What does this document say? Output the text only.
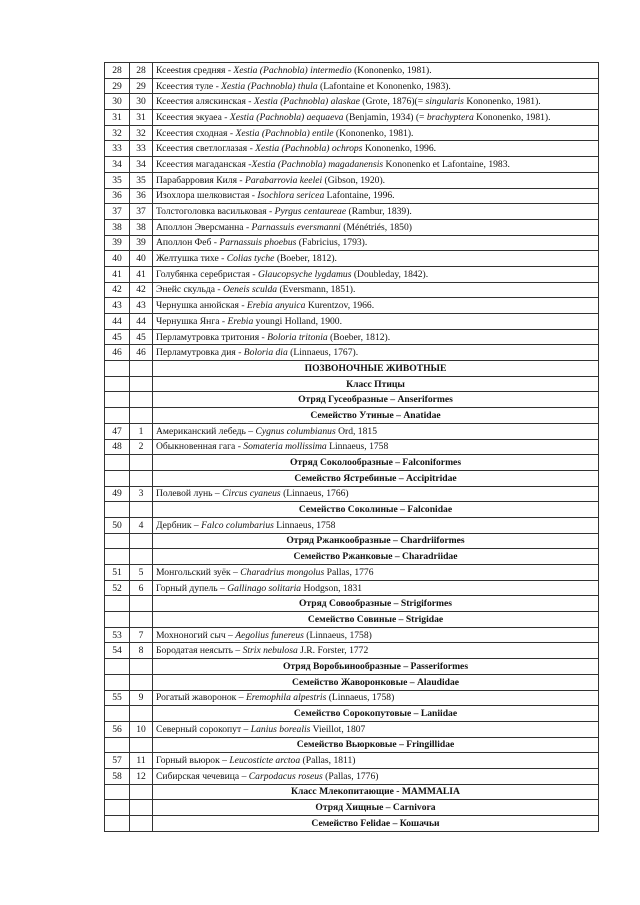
28	28	Ксеestия средняя - Xestia (Pachnobla) intermedio (Kononenko, 1981).
29	29	Ксеестия туле - Xestia (Pachnobla) thula (Lafontaine et Kononenko, 1983).
30	30	Ксеестия аляскинская - Xestia (Pachnobla) alaskae (Grote, 1876)(= singularis Kononenko, 1981).
31	31	Ксеестия экуаеа - Xestia (Pachnobla) aequaeva (Benjamin, 1934) (= brachyptera Kononenko, 1981).
32	32	Ксеестия сходная - Xestia (Pachnobla) entile (Kononenko, 1981).
33	33	Ксеестия светлоглазая - Xestia (Pachnobla) ochrops Kononenko, 1996.
34	34	Ксеестия магаданская -Xestia (Pachnobla) magadanensis Kononenko et Lafontaine, 1983.
35	35	Парабарровия Киля - Parabarrovia keelei (Gibson, 1920).
36	36	Изохлора шелковистая - Isochlora sericea Lafontaine, 1996.
37	37	Толстоголовка васильковая - Pyrgus centaureae (Rambur, 1839).
38	38	Аполлон Эверсманна - Parnassuis eversmanni (Ménétriés, 1850)
39	39	Аполлон Феб - Parnassuis phoebus (Fabricius, 1793).
40	40	Желтушка тихе - Colias tyche (Boeber, 1812).
41	41	Голубянка серебристая - Glaucopsyche lygdamus (Doubleday, 1842).
42	42	Энейс скульда - Oeneis sculda (Eversmann, 1851).
43	43	Чернушка анюйская - Erebia anyuica Kurentzov, 1966.
44	44	Чернушка Янга - Erebia youngi Holland, 1900.
45	45	Перламутровка тритония - Boloria tritonia (Boeber, 1812).
46	46	Перламутровка дия - Boloria dia (Linnaeus, 1767).
		ПОЗВОНОЧНЫЕ ЖИВОТНЫЕ
		Класс Птицы
		Отряд Гусеобразные – Anseriformes
		Семейство Утиные – Anatidae
47	1	Американский лебедь – Cygnus columbianus Ord, 1815
48	2	Обыкновенная гага - Somateria mollissima Linnaeus, 1758
		Отряд Соколообразные – Falconiformes
		Семейство Ястребиные – Accipitridae
49	3	Полевой лунь – Circus cyaneus (Linnaeus, 1766)
		Семейство Соколиные – Falconidae
50	4	Дербник – Falco columbarius Linnaeus, 1758
		Отряд Ржанкообразные – Chardriiformes
		Семейство Ржанковые – Charadriidae
51	5	Монгольский зуёк – Charadrius mongolus Pallas, 1776
52	6	Горный дупель – Gallinago solitaria Hodgson, 1831
		Отряд Совообразные – Strigiformes
		Семейство Совиные – Strigidae
53	7	Мохноногий сыч – Aegolius funereus (Linnaeus, 1758)
54	8	Бородатая неясыть – Strix nebulosa J.R. Forster, 1772
		Отряд Воробьинообразные – Passeriformes
		Семейство Жаворонковые – Alaudidae
55	9	Рогатый жаворонок – Eremophila alpestris (Linnaeus, 1758)
		Семейство Сорокопутовые – Laniidae
56	10	Северный сорокопут – Lanius borealis Vieillot, 1807
		Семейство Вьюрковые – Fringillidae
57	11	Горный вьюрок – Leucosticte arctoa (Pallas, 1811)
58	12	Сибирская чечевица – Carpodacus roseus (Pallas, 1776)
		Класс Млекопитающие - MAMMALIA
		Отряд Хищные – Carnivora
		Семейство Felidae – Кошачьи
